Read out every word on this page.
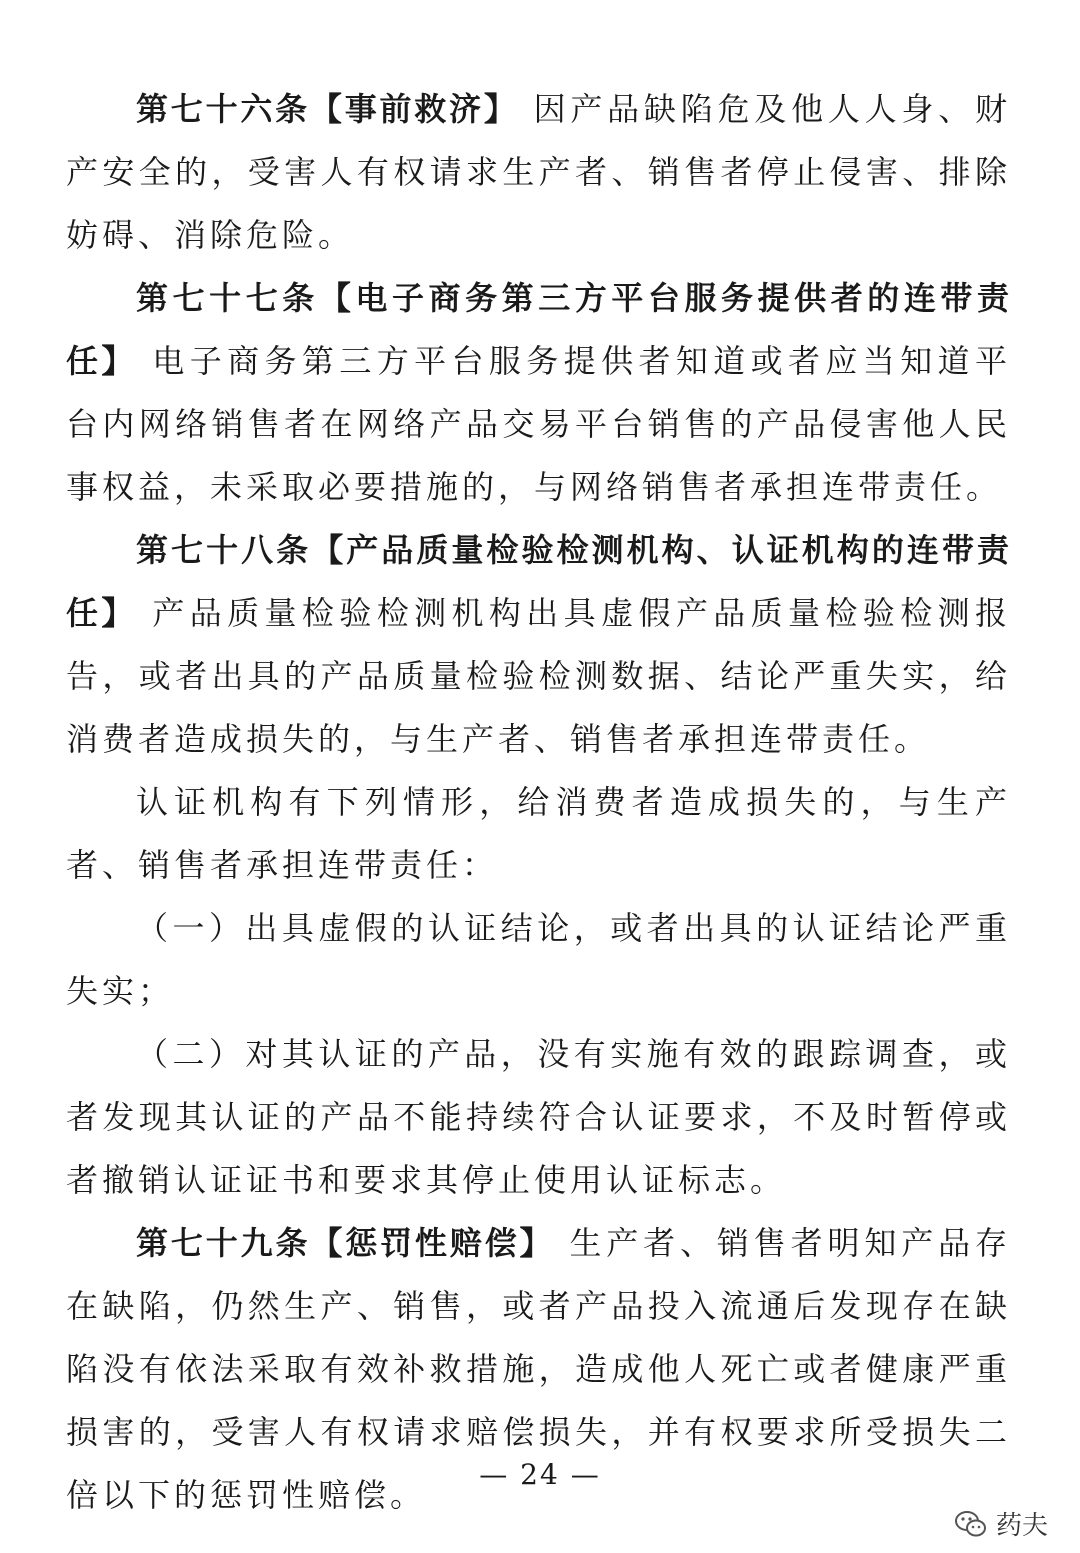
第七十六条【事前救济】 因产品缺陷危及他人人身、财产安全的，受害人有权请求生产者、销售者停止侵害、排除妨碍、消除危险。

第七十七条【电子商务第三方平台服务提供者的连带责任】 电子商务第三方平台服务提供者知道或者应当知道平台内网络销售者在网络产品交易平台销售的产品侵害他人民事权益，未采取必要措施的，与网络销售者承担连带责任。

第七十八条【产品质量检验检测机构、认证机构的连带责任】 产品质量检验检测机构出具虚假产品质量检验检测报告，或者出具的产品质量检验检测数据、结论严重失实，给消费者造成损失的，与生产者、销售者承担连带责任。

认证机构有下列情形，给消费者造成损失的，与生产者、销售者承担连带责任：

（一）出具虚假的认证结论，或者出具的认证结论严重失实；

（二）对其认证的产品，没有实施有效的跟踪调查，或者发现其认证的产品不能持续符合认证要求，不及时暂停或者撤销认证证书和要求其停止使用认证标志。

第七十九条【惩罚性赔偿】 生产者、销售者明知产品存在缺陷，仍然生产、销售，或者产品投入流通后发现存在缺陷没有依法采取有效补救措施，造成他人死亡或者健康严重损害的，受害人有权请求赔偿损失，并有权要求所受损失二倍以下的惩罚性赔偿。

— 24 —
药夫
